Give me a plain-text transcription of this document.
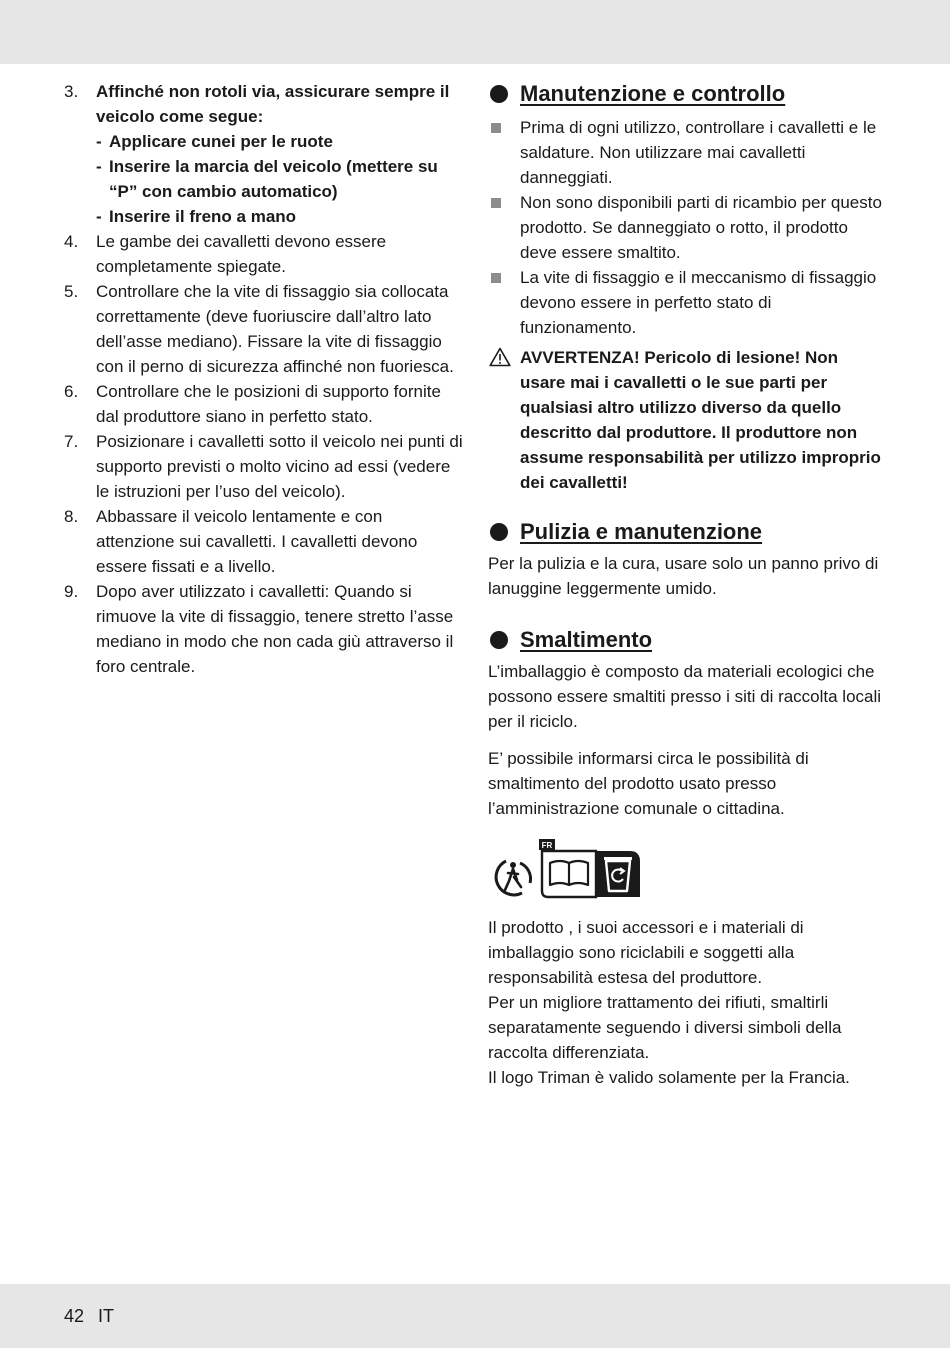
3. Affinché non rotoli via, assicurare sempre il veicolo come segue:
- Applicare cunei per le ruote
- Inserire la marcia del veicolo (mettere su “P” con cambio automatico)
- Inserire il freno a mano
4. Le gambe dei cavalletti devono essere completamente spiegate.
5. Controllare che la vite di fissaggio sia collocata correttamente (deve fuoriuscire dall’altro lato dell’asse mediano). Fissare la vite di fissaggio con il perno di sicurezza affinché non fuoriesca.
6. Controllare che le posizioni di supporto fornite dal produttore siano in perfetto stato.
7. Posizionare i cavalletti sotto il veicolo nei punti di supporto previsti o molto vicino ad essi (vedere le istruzioni per l’uso del veicolo).
8. Abbassare il veicolo lentamente e con attenzione sui cavalletti. I cavalletti devono essere fissati e a livello.
9. Dopo aver utilizzato i cavalletti: Quando si rimuove la vite di fissaggio, tenere stretto l’asse mediano in modo che non cada giù attraverso il foro centrale.
Manutenzione e controllo
Prima di ogni utilizzo, controllare i cavalletti e le saldature. Non utilizzare mai cavalletti danneggiati.
Non sono disponibili parti di ricambio per questo prodotto. Se danneggiato o rotto, il prodotto deve essere smaltito.
La vite di fissaggio e il meccanismo di fissaggio devono essere in perfetto stato di funzionamento.
AVVERTENZA! Pericolo di lesione! Non usare mai i cavalletti o le sue parti per qualsiasi altro utilizzo diverso da quello descritto dal produttore. Il produttore non assume responsabilità per utilizzo improprio dei cavalletti!
Pulizia e manutenzione

Per la pulizia e la cura, usare solo un panno privo di lanuggine leggermente umido.

Smaltimento

L’imballaggio è composto da materiali ecologici che possono essere smaltiti presso i siti di raccolta locali per il riciclo.

E’ possibile informarsi circa le possibilità di smaltimento del prodotto usato presso l’amministrazione comunale o cittadina.

FR

Il prodotto , i suoi accessori e i materiali di imballaggio sono riciclabili e soggetti alla responsabilità estesa del produttore.

Per un migliore trattamento dei rifiuti, smaltirli separatamente seguendo i diversi simboli della raccolta differenziata.

Il logo Triman è valido solamente per la Francia.

42 IT
